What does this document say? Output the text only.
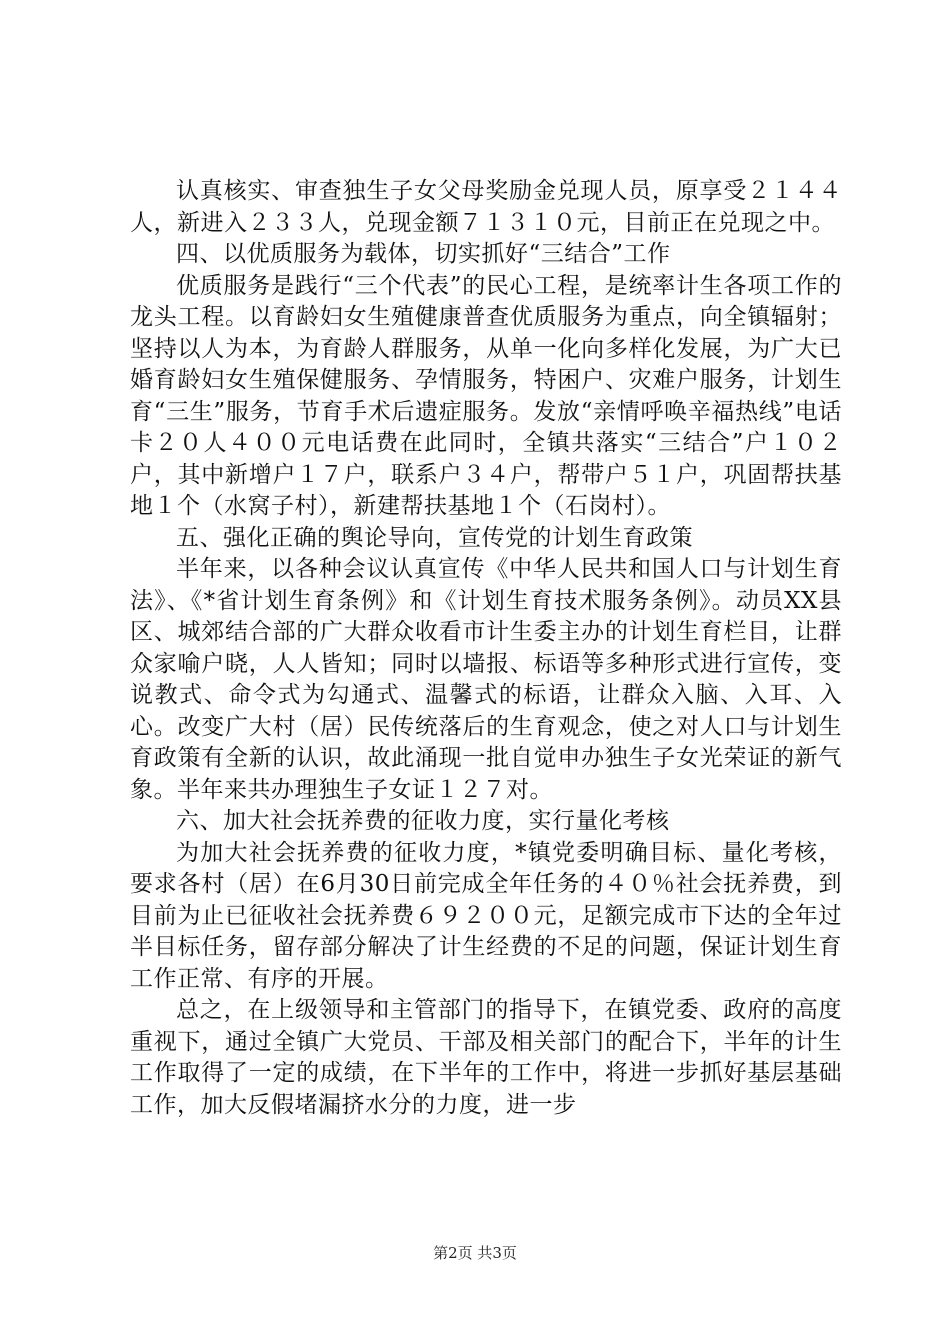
认真核实、审查独生子女父母奖励金兑现人员，原享受２１４４人，新进入２３３人，兑现金额７１３１０元，目前正在兑现之中。

四、以优质服务为载体，切实抓好“三结合”工作

优质服务是践行“三个代表”的民心工程，是统率计生各项工作的龙头工程。以育龄妇女生殖健康普查优质服务为重点，向全镇辐射；坚持以人为本，为育龄人群服务，从单一化向多样化发展，为广大已婚育龄妇女生殖保健服务、孕情服务，特困户、灾难户服务，计划生育“三生”服务，节育手术后遗症服务。发放“亲情呼唤辛福热线”电话卡２０人４００元电话费在此同时，全镇共落实“三结合”户１０２户，其中新增户１７户，联系户３４户，帮带户５１户，巩固帮扶基地１个（水窝子村），新建帮扶基地１个（石岗村）。

五、强化正确的舆论导向，宣传党的计划生育政策

半年来，以各种会议认真宣传《中华人民共和国人口与计划生育法》、《*省计划生育条例》和《计划生育技术服务条例》。动员XX县区、城郊结合部的广大群众收看市计生委主办的计划生育栏目，让群众家喻户晓，人人皆知；同时以墙报、标语等多种形式进行宣传，变说教式、命令式为勾通式、温馨式的标语，让群众入脑、入耳、入心。改变广大村（居）民传统落后的生育观念，使之对人口与计划生育政策有全新的认识，故此涌现一批自觉申办独生子女光荣证的新气象。半年来共办理独生子女证１２７对。

六、加大社会抚养费的征收力度，实行量化考核

为加大社会抚养费的征收力度，*镇党委明确目标、量化考核，要求各村（居）在6月30日前完成全年任务的４０％社会抚养费，到目前为止已征收社会抚养费６９２００元，足额完成市下达的全年过半目标任务，留存部分解决了计生经费的不足的问题，保证计划生育工作正常、有序的开展。

总之，在上级领导和主管部门的指导下，在镇党委、政府的高度重视下，通过全镇广大党员、干部及相关部门的配合下，半年的计生工作取得了一定的成绩，在下半年的工作中，将进一步抓好基层基础工作，加大反假堵漏挤水分的力度，进一步

第2页 共3页
